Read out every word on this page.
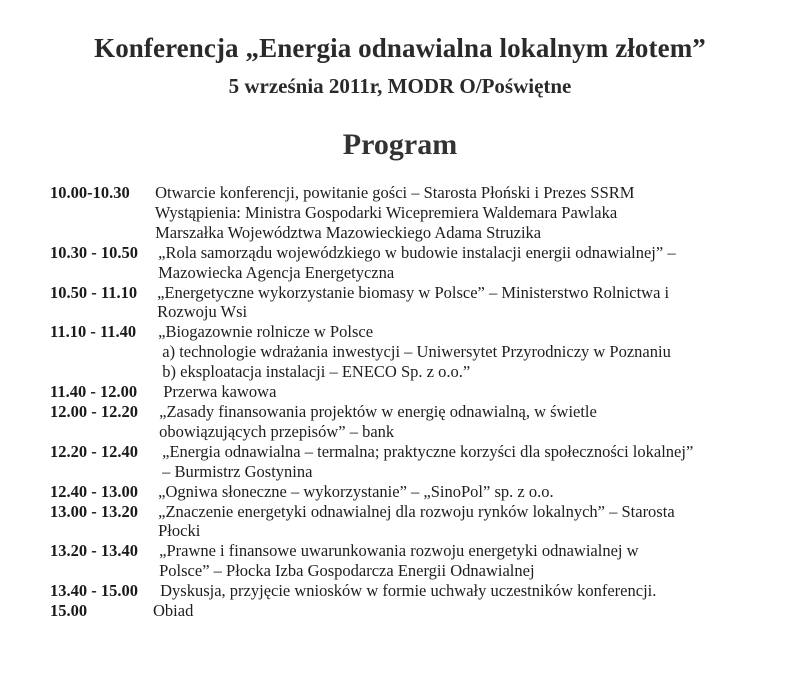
Konferencja „Energia odnawialna lokalnym złotem”
5 września 2011r, MODR O/Poświętne
Program
10.00-10.30	Otwarcie konferencji, powitanie gości – Starosta Płoński i Prezes SSRM
Wystąpienia: Ministra Gospodarki Wicepremiera Waldemara Pawlaka
Marszałka Województwa Mazowieckiego Adama Struzika
10.30 - 10.50 „Rola samorządu wojewódzkiego w budowie instalacji energii odnawialnej” –
Mazowiecka Agencja Energetyczna
10.50 - 11.10 „Energetyczne wykorzystanie biomasy w Polsce” – Ministerstwo Rolnictwa i
Rozwoju Wsi
11.10 - 11.40	„Biogazownie rolnicze w Polsce
a) technologie wdrażania inwestycji – Uniwersytet Przyrodniczy w Poznaniu
b) eksploatacja instalacji – ENECO Sp. z o.o.”
11.40 - 12.00	Przerwa kawowa
12.00 - 12.20	„Zasady finansowania projektów w energię odnawialną, w świetle
obowiązujących przepisów” – bank
12.20 - 12.40	„Energia odnawialna – termalna; praktyczne korzyści dla społeczności lokalnej”
– Burmistrz Gostynina
12.40 - 13.00 „Ogniwa słoneczne – wykorzystanie” – „SinoPol” sp. z o.o.
13.00 - 13.20 „Znaczenie energetyki odnawialnej dla rozwoju rynków lokalnych” – Starosta
Płocki
13.20 - 13.40	„Prawne i finansowe uwarunkowania rozwoju energetyki odnawialnej w
Polsce” – Płocka Izba Gospodarcza Energii Odnawialnej
13.40 - 15.00	Dyskusja, przyjęcie wniosków w formie uchwały uczestników konferencji.
15.00	Obiad
